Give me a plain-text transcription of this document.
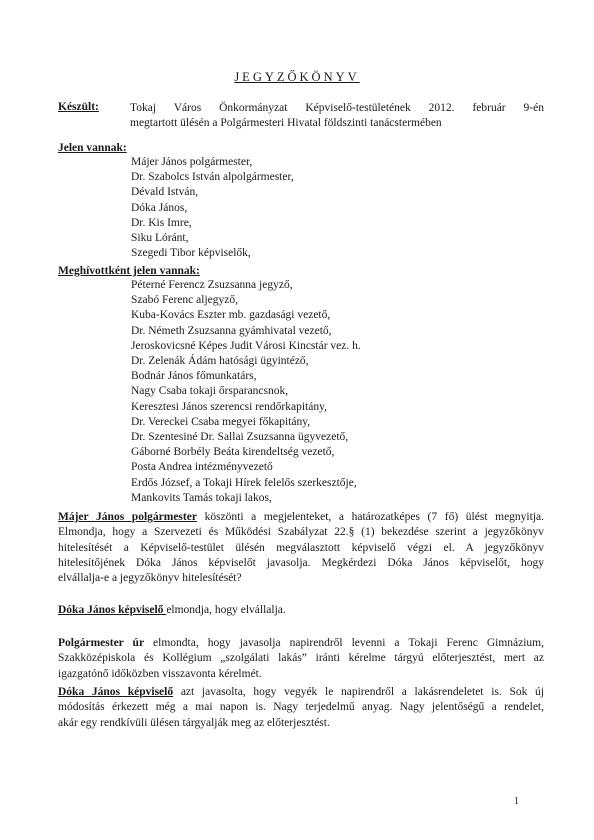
JEGYZŐKÖNYV
Készült:	Tokaj Város Önkormányzat Képviselő-testületének 2012. február 9-én

megtartott ülésén a Polgármesteri Hivatal földszinti tanácstermében

Jelen vannak:
Májer János polgármester,
Dr. Szabolcs István alpolgármester,
Dévald István,
Dóka János,
Dr. Kis Imre,
Siku Lóránt,
Szegedi Tibor képviselők,
Meghívottként jelen vannak:
Péterné Ferencz Zsuzsanna jegyző,
Szabó Ferenc aljegyző,
Kuba-Kovács Eszter mb. gazdasági vezető,
Dr. Németh Zsuzsanna gyámhivatal vezető,
Jeroskovicsné Képes Judit Városi Kincstár vez. h.
Dr. Zelenák Ádám hatósági ügyintéző,
Bodnár János főmunkatárs,
Nagy Csaba tokaji őrsparancsnok,
Keresztesi János szerencsi rendőrkapitány,
Dr. Vereckei Csaba megyei főkapitány,
Dr. Szentesiné Dr. Sallai Zsuzsanna ügyvezető,
Gáborné Borbély Beáta kirendeltség vezető,
Posta Andrea intézményvezető
Erdős József, a Tokaji Hírek felelős szerkesztője,
Mankovits Tamás tokaji lakos,

Májer János polgármester köszönti a megjelenteket, a határozatképes (7 fő) ülést megnyitja.

Elmondja, hogy a Szervezeti és Működési Szabályzat 22.§ (1) bekezdése szerint a jegyzőkönyv

hitelesítését a Képviselő-testület ülésén megválasztott képviselő végzi el. A jegyzőkönyv

hitelesítőjének Dóka János képviselőt javasolja. Megkérdezi Dóka János képviselőt, hogy

elvállalja-e a jegyzőkönyv hitelesítését?

Dóka János képviselő elmondja, hogy elvállalja.

Polgármester úr elmondta, hogy javasolja napirendről levenni a Tokaji Ferenc Gimnázium,

Szakközépiskola és Kollégium „szolgálati lakás” iránti kérelme tárgyú előterjesztést, mert az

igazgatónő időközben visszavonta kérelmét.

Dóka János képviselő azt javasolta, hogy vegyék le napirendről a lakásrendeletet is. Sok új

módosítás érkezett még a mai napon is. Nagy terjedelmű anyag. Nagy jelentőségű a rendelet,

akár egy rendkívüli ülésen tárgyalják meg az előterjesztést.

1
